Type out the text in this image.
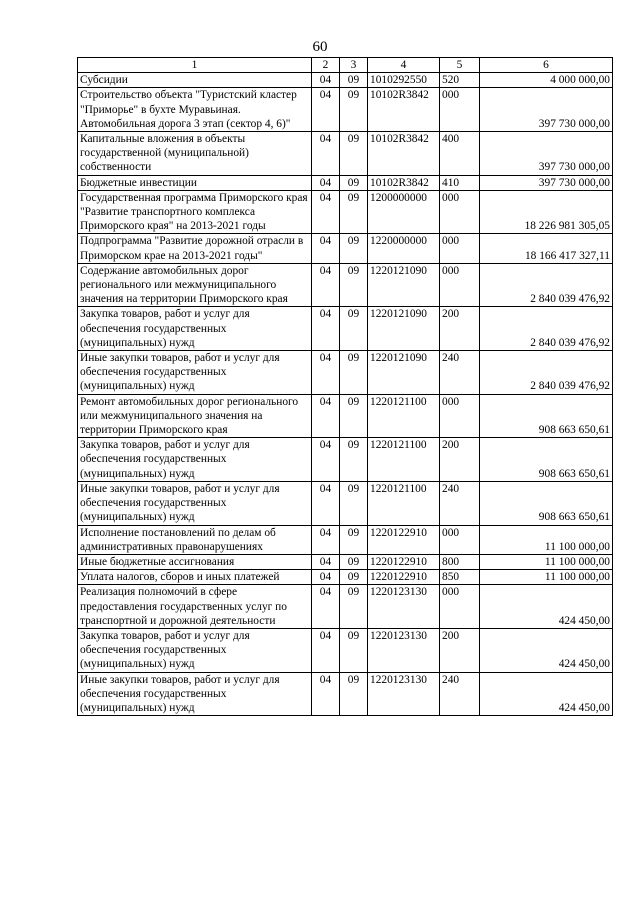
60
1	2	3	4	5	6
Субсидии	04	09	1010292550	520	4 000 000,00
Строительство объекта "Туристский кластер "Приморье" в бухте Муравьиная. Автомобильная дорога 3 этап (сектор 4, 6)"	04	09	10102R3842	000	397 730 000,00
Капитальные вложения в объекты государственной (муниципальной) собственности	04	09	10102R3842	400	397 730 000,00
Бюджетные инвестиции	04	09	10102R3842	410	397 730 000,00
Государственная программа Приморского края "Развитие транспортного комплекса Приморского края" на 2013-2021 годы	04	09	1200000000	000	18 226 981 305,05
Подпрограмма "Развитие дорожной отрасли в Приморском крае на 2013-2021 годы"	04	09	1220000000	000	18 166 417 327,11
Содержание автомобильных дорог регионального или межмуниципального значения на территории Приморского края	04	09	1220121090	000	2 840 039 476,92
Закупка товаров, работ и услуг для обеспечения государственных (муниципальных) нужд	04	09	1220121090	200	2 840 039 476,92
Иные закупки товаров, работ и услуг для обеспечения государственных (муниципальных) нужд	04	09	1220121090	240	2 840 039 476,92
Ремонт автомобильных дорог регионального или межмуниципального значения на территории Приморского края	04	09	1220121100	000	908 663 650,61
Закупка товаров, работ и услуг для обеспечения государственных (муниципальных) нужд	04	09	1220121100	200	908 663 650,61
Иные закупки товаров, работ и услуг для обеспечения государственных (муниципальных) нужд	04	09	1220121100	240	908 663 650,61
Исполнение постановлений по делам об административных правонарушениях	04	09	1220122910	000	11 100 000,00
Иные бюджетные ассигнования	04	09	1220122910	800	11 100 000,00
Уплата налогов, сборов и иных платежей	04	09	1220122910	850	11 100 000,00
Реализация полномочий в сфере предоставления государственных услуг по транспортной и дорожной деятельности	04	09	1220123130	000	424 450,00
Закупка товаров, работ и услуг для обеспечения государственных (муниципальных) нужд	04	09	1220123130	200	424 450,00
Иные закупки товаров, работ и услуг для обеспечения государственных (муниципальных) нужд	04	09	1220123130	240	424 450,00
